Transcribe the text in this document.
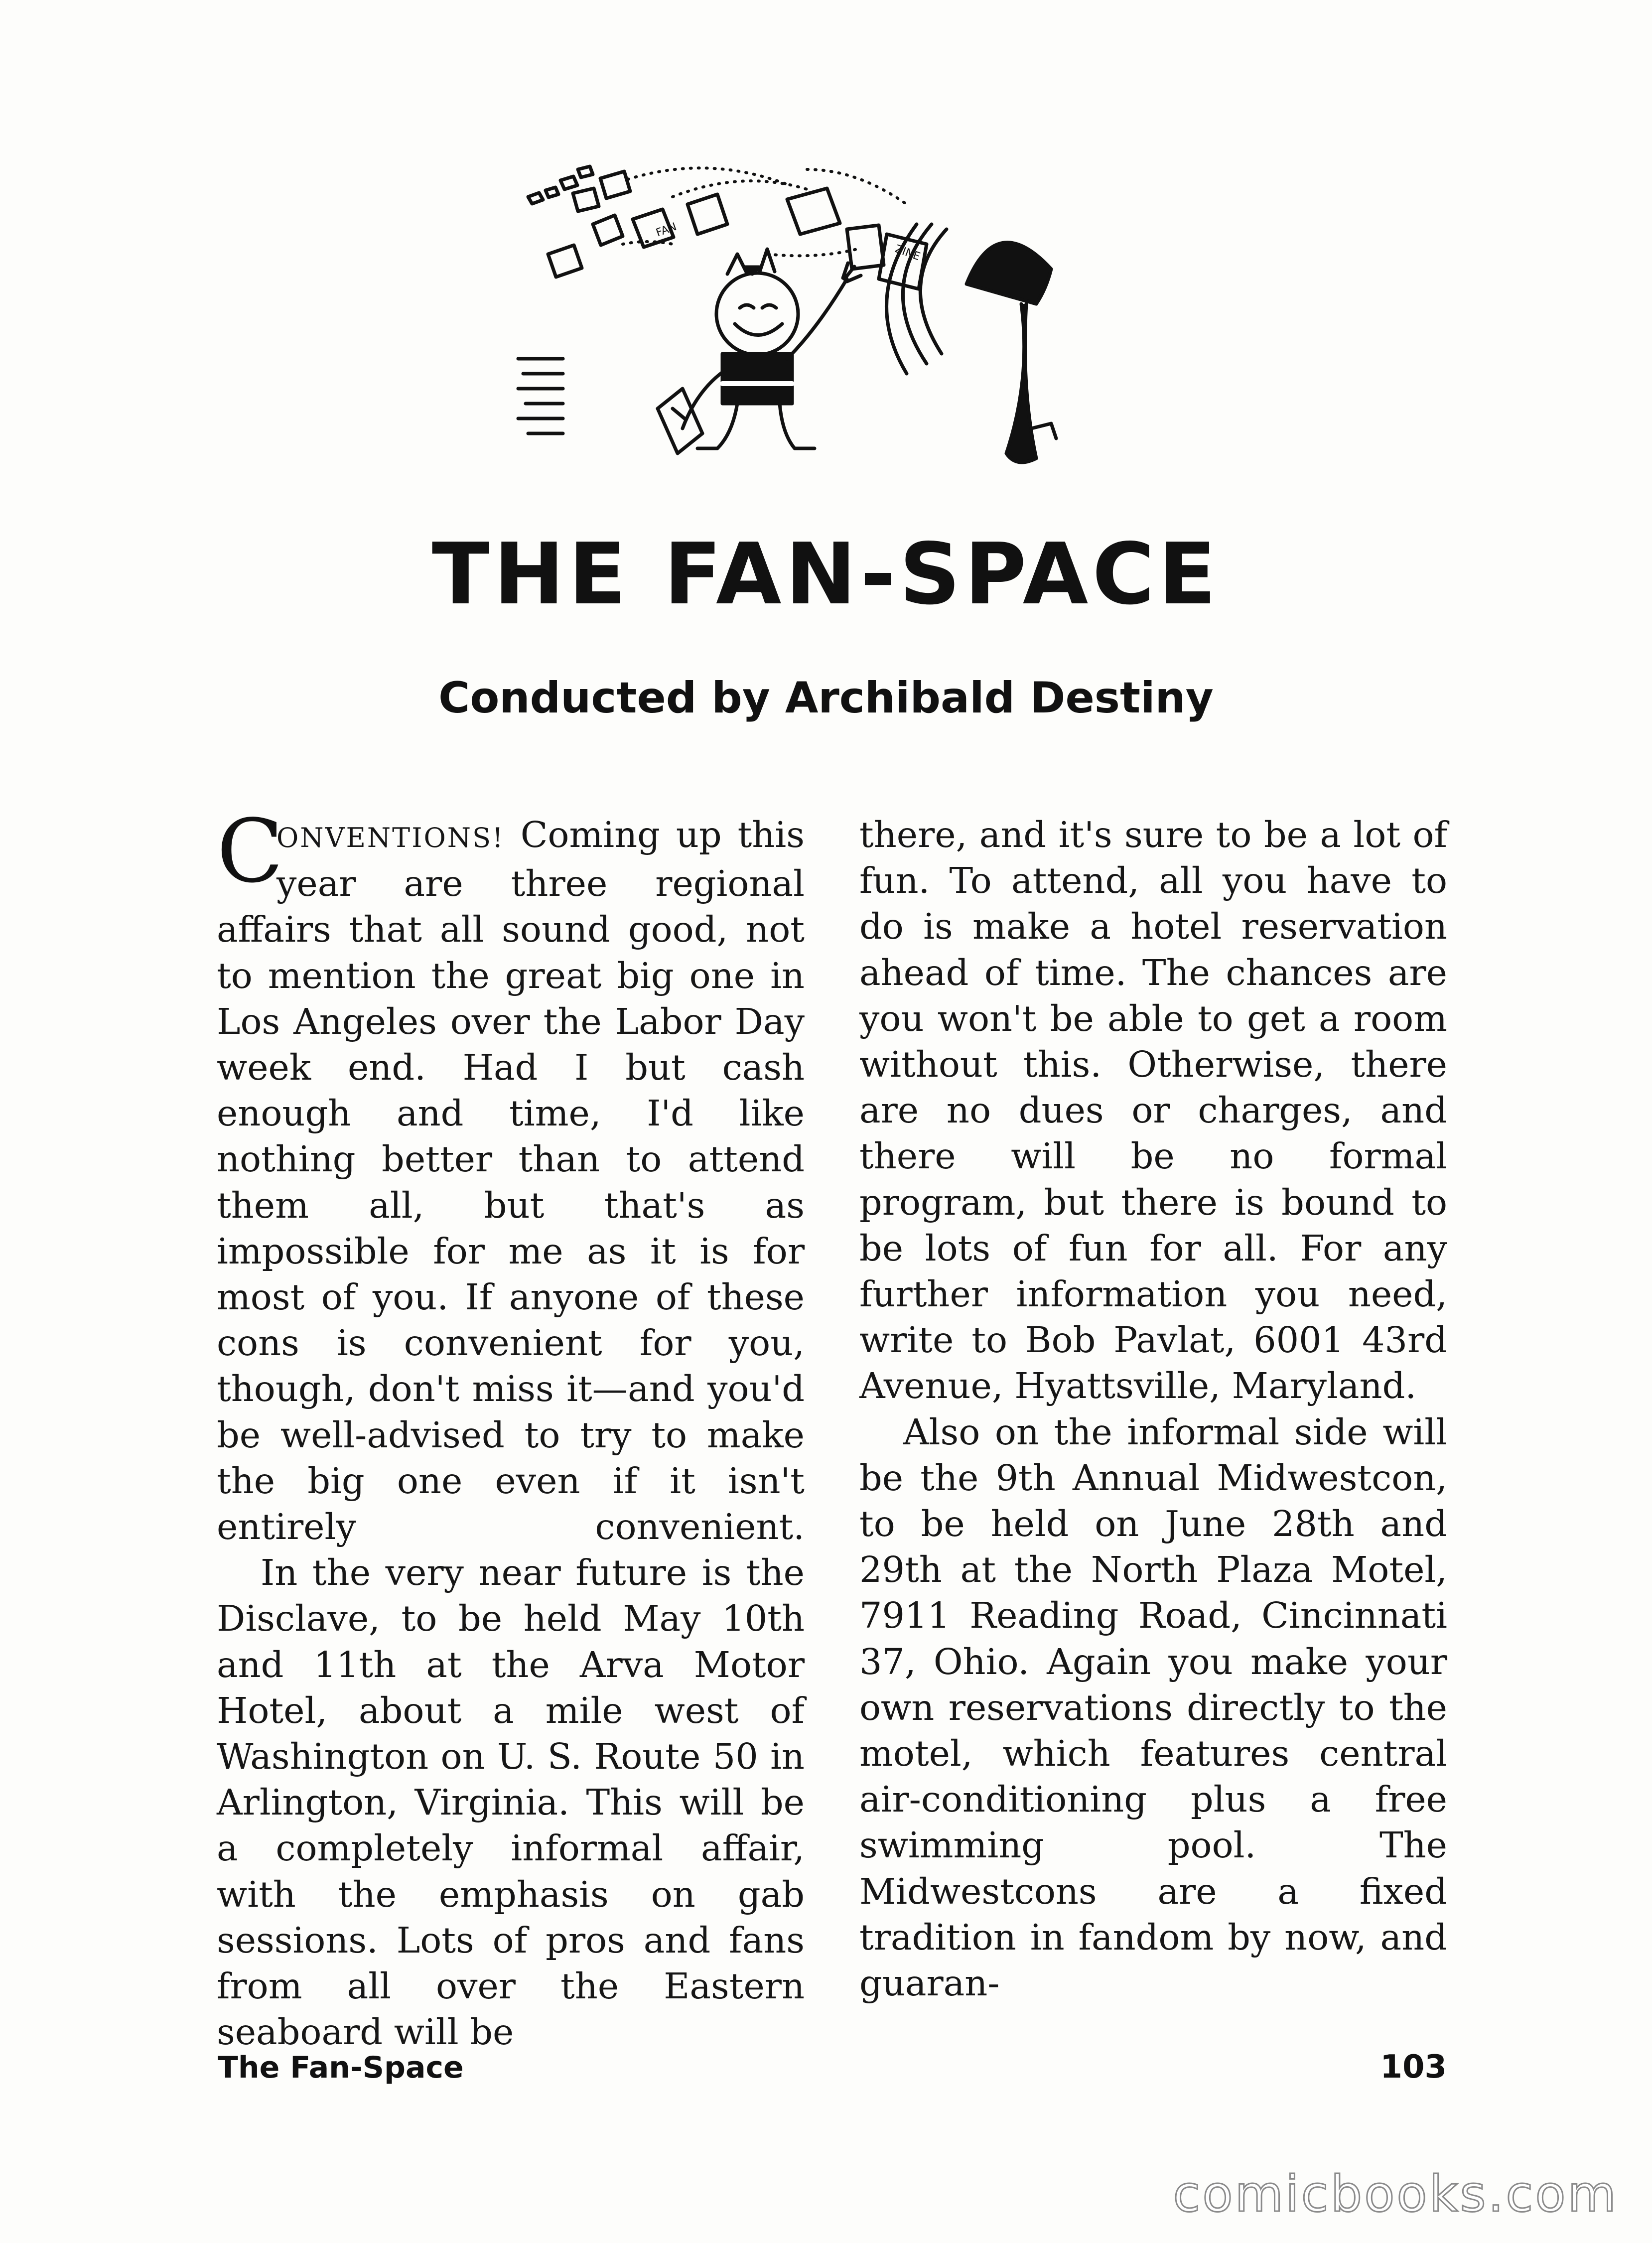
FAN
ZINE
THE FAN-SPACE
Conducted by Archibald Destiny

C
ONVENTIONS! Coming up this year are three regional affairs that all sound good, not to mention the great big one in Los Angeles over the Labor Day week end. Had I but cash enough and time, I'd like nothing better than to attend them all, but that's as impossible for me as it is for most of you. If anyone of these cons is convenient for you, though, don't miss it—and you'd be well-advised to try to make the big one even if it isn't entirely convenient.

In the very near future is the Disclave, to be held May 10th and 11th at the Arva Motor Hotel, about a mile west of Washington on U. S. Route 50 in Arlington, Virginia. This will be a completely informal affair, with the emphasis on gab sessions. Lots of pros and fans from all over the Eastern seaboard will be

there, and it's sure to be a lot of fun. To attend, all you have to do is make a hotel reservation ahead of time. The chances are you won't be able to get a room without this. Otherwise, there are no dues or charges, and there will be no formal program, but there is bound to be lots of fun for all. For any further information you need, write to Bob Pavlat, 6001 43rd Avenue, Hyattsville, Maryland.

Also on the informal side will be the 9th Annual Midwestcon, to be held on June 28th and 29th at the North Plaza Motel, 7911 Reading Road, Cincinnati 37, Ohio. Again you make your own reservations directly to the motel, which features central air-conditioning plus a free swimming pool. The Midwestcons are a fixed tradition in fandom by now, and guaran-

The Fan-Space	103
comicbooks.com
